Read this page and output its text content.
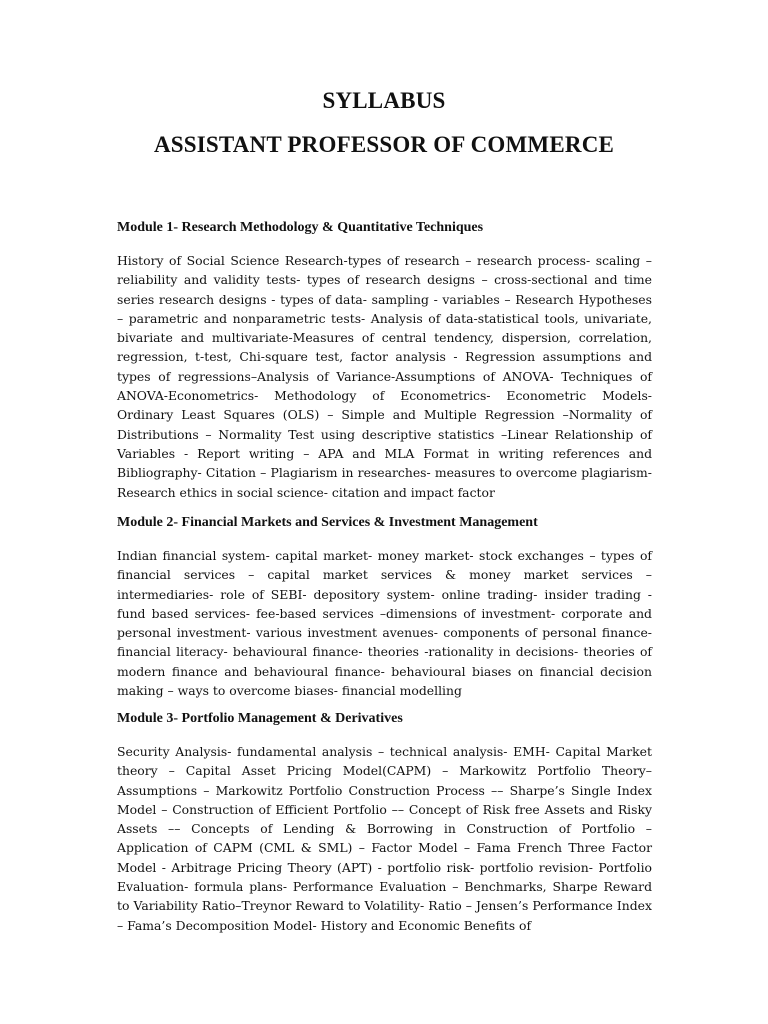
SYLLABUS
ASSISTANT PROFESSOR OF COMMERCE
Module 1- Research Methodology & Quantitative Techniques

History of Social Science Research-types of research – research process- scaling – reliability and validity tests- types of research designs – cross-sectional and time series research designs - types of data- sampling - variables – Research Hypotheses – parametric and nonparametric tests- Analysis of data-statistical tools, univariate, bivariate and multivariate-Measures of central tendency, dispersion, correlation, regression, t-test, Chi-square test, factor analysis - Regression assumptions and types of regressions–Analysis of Variance-Assumptions of ANOVA- Techniques of ANOVA-Econometrics- Methodology of Econometrics- Econometric Models- Ordinary Least Squares (OLS) – Simple and Multiple Regression –Normality of Distributions – Normality Test using descriptive statistics –Linear Relationship of Variables - Report writing – APA and MLA Format in writing references and Bibliography- Citation – Plagiarism in researches- measures to overcome plagiarism- Research ethics in social science- citation and impact factor

Module 2- Financial Markets and Services & Investment Management

Indian financial system- capital market- money market- stock exchanges – types of financial services – capital market services & money market services – intermediaries- role of SEBI- depository system- online trading- insider trading - fund based services- fee-based services –dimensions of investment- corporate and personal investment- various investment avenues- components of personal finance- financial literacy- behavioural finance- theories -rationality in decisions- theories of modern finance and behavioural finance- behavioural biases on financial decision making – ways to overcome biases- financial modelling

Module 3- Portfolio Management & Derivatives

Security Analysis- fundamental analysis – technical analysis- EMH- Capital Market theory – Capital Asset Pricing Model(CAPM) – Markowitz Portfolio Theory– Assumptions – Markowitz Portfolio Construction Process –– Sharpe’s Single Index Model – Construction of Efficient Portfolio –– Concept of Risk free Assets and Risky Assets –– Concepts of Lending & Borrowing in Construction of Portfolio – Application of CAPM (CML & SML) – Factor Model – Fama French Three Factor Model - Arbitrage Pricing Theory (APT) - portfolio risk- portfolio revision- Portfolio Evaluation- formula plans- Performance Evaluation – Benchmarks, Sharpe Reward to Variability Ratio–Treynor Reward to Volatility- Ratio – Jensen’s Performance Index – Fama’s Decomposition Model- History and Economic Benefits of
